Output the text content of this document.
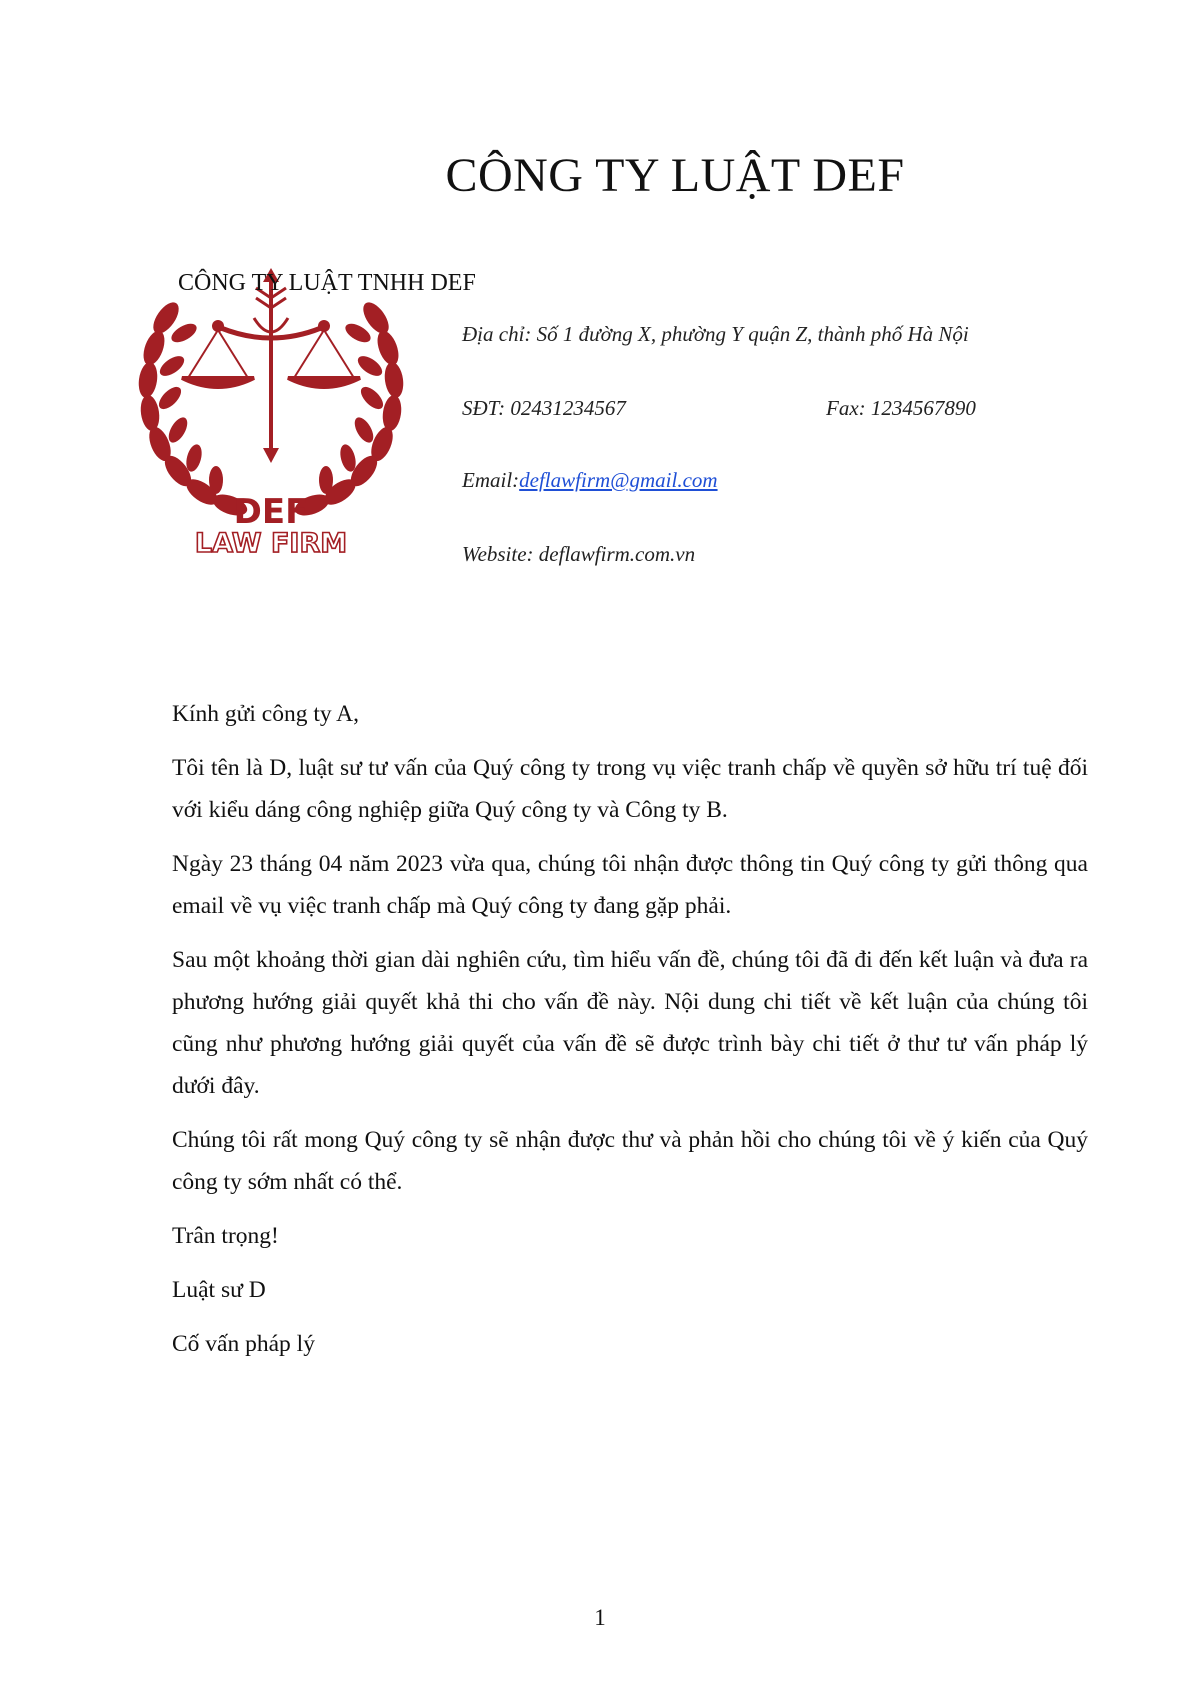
DEF
LAW FIRM
CÔNG TY LUẬT DEF
CÔNG TY LUẬT TNHH DEF
Địa chỉ: Số 1 đường X, phường Y quận Z, thành phố Hà Nội
SĐT: 02431234567	Fax: 1234567890
Email:deflawfirm@gmail.com
Website: deflawfirm.com.vn

Kính gửi công ty A,

Tôi tên là D, luật sư tư vấn của Quý công ty trong vụ việc tranh chấp về quyền sở hữu trí tuệ đối với kiểu dáng công nghiệp giữa Quý công ty và Công ty B.

Ngày 23 tháng 04 năm 2023 vừa qua, chúng tôi nhận được thông tin Quý công ty gửi thông qua email về vụ việc tranh chấp mà Quý công ty đang gặp phải.

Sau một khoảng thời gian dài nghiên cứu, tìm hiểu vấn đề, chúng tôi đã đi đến kết luận và đưa ra phương hướng giải quyết khả thi cho vấn đề này. Nội dung chi tiết về kết luận của chúng tôi cũng như phương hướng giải quyết của vấn đề sẽ được trình bày chi tiết ở thư tư vấn pháp lý dưới đây.

Chúng tôi rất mong Quý công ty sẽ nhận được thư và phản hồi cho chúng tôi về ý kiến của Quý công ty sớm nhất có thể.

Trân trọng!

Luật sư D

Cố vấn pháp lý

1
